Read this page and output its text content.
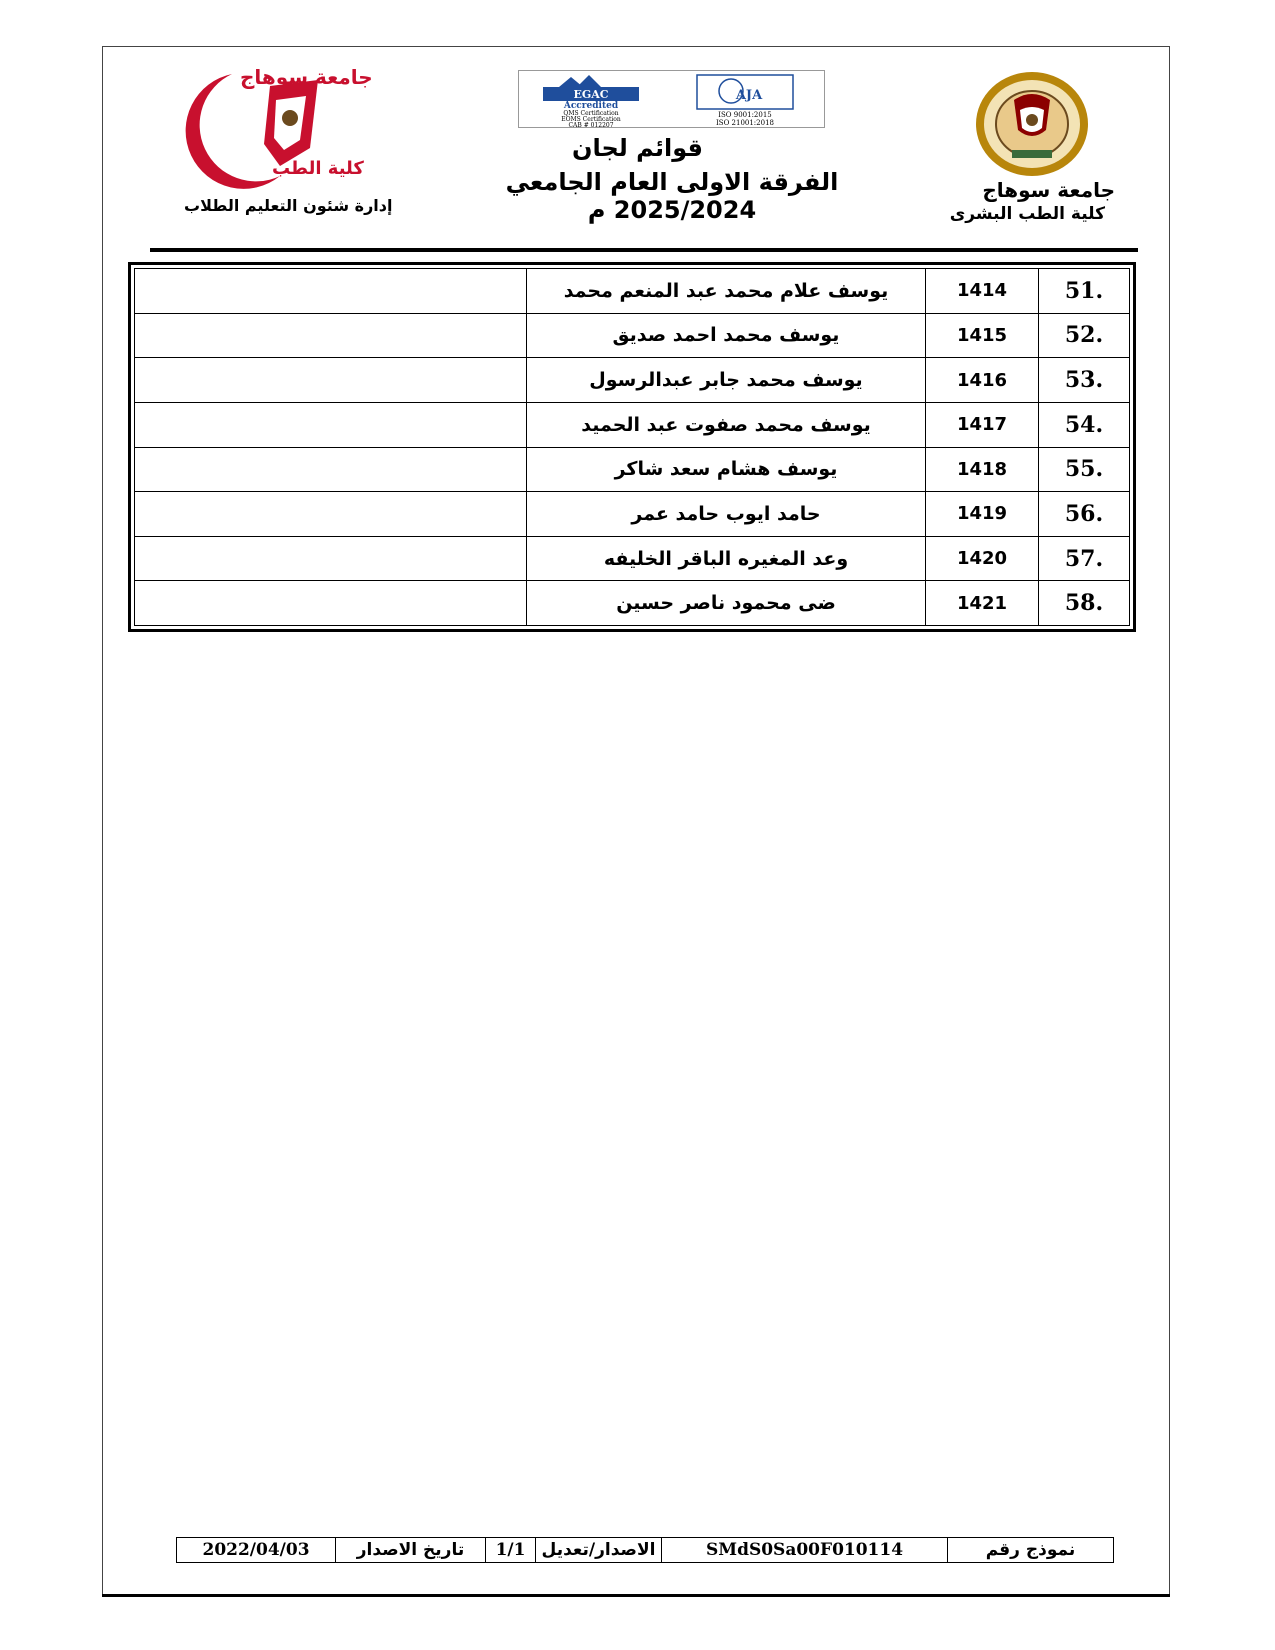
جامعة سوهاج
كلية الطب البشرى
جامعة سوهاج
كلية الطب
إدارة شئون التعليم الطلاب
EGAC
Accredited
QMS Certification
EOMS Certification
CAB # 012207
AJA
ISO 9001:2015
ISO 21001:2018
قوائم لجان
الفرقة الاولى العام الجامعي 2025/2024 م
.51	1414	يوسف علام محمد عبد المنعم محمد	
.52	1415	يوسف محمد احمد صديق	
.53	1416	يوسف محمد جابر عبدالرسول	
.54	1417	يوسف محمد صفوت عبد الحميد	
.55	1418	يوسف هشام سعد شاكر	
.56	1419	حامد ايوب حامد عمر	
.57	1420	وعد المغيره الباقر الخليفه	
.58	1421	ضى محمود ناصر حسين	
نموذج رقم
SMdS0Sa00F010114
الاصدار/تعديل
1/1
تاريخ الاصدار
2022/04/03
